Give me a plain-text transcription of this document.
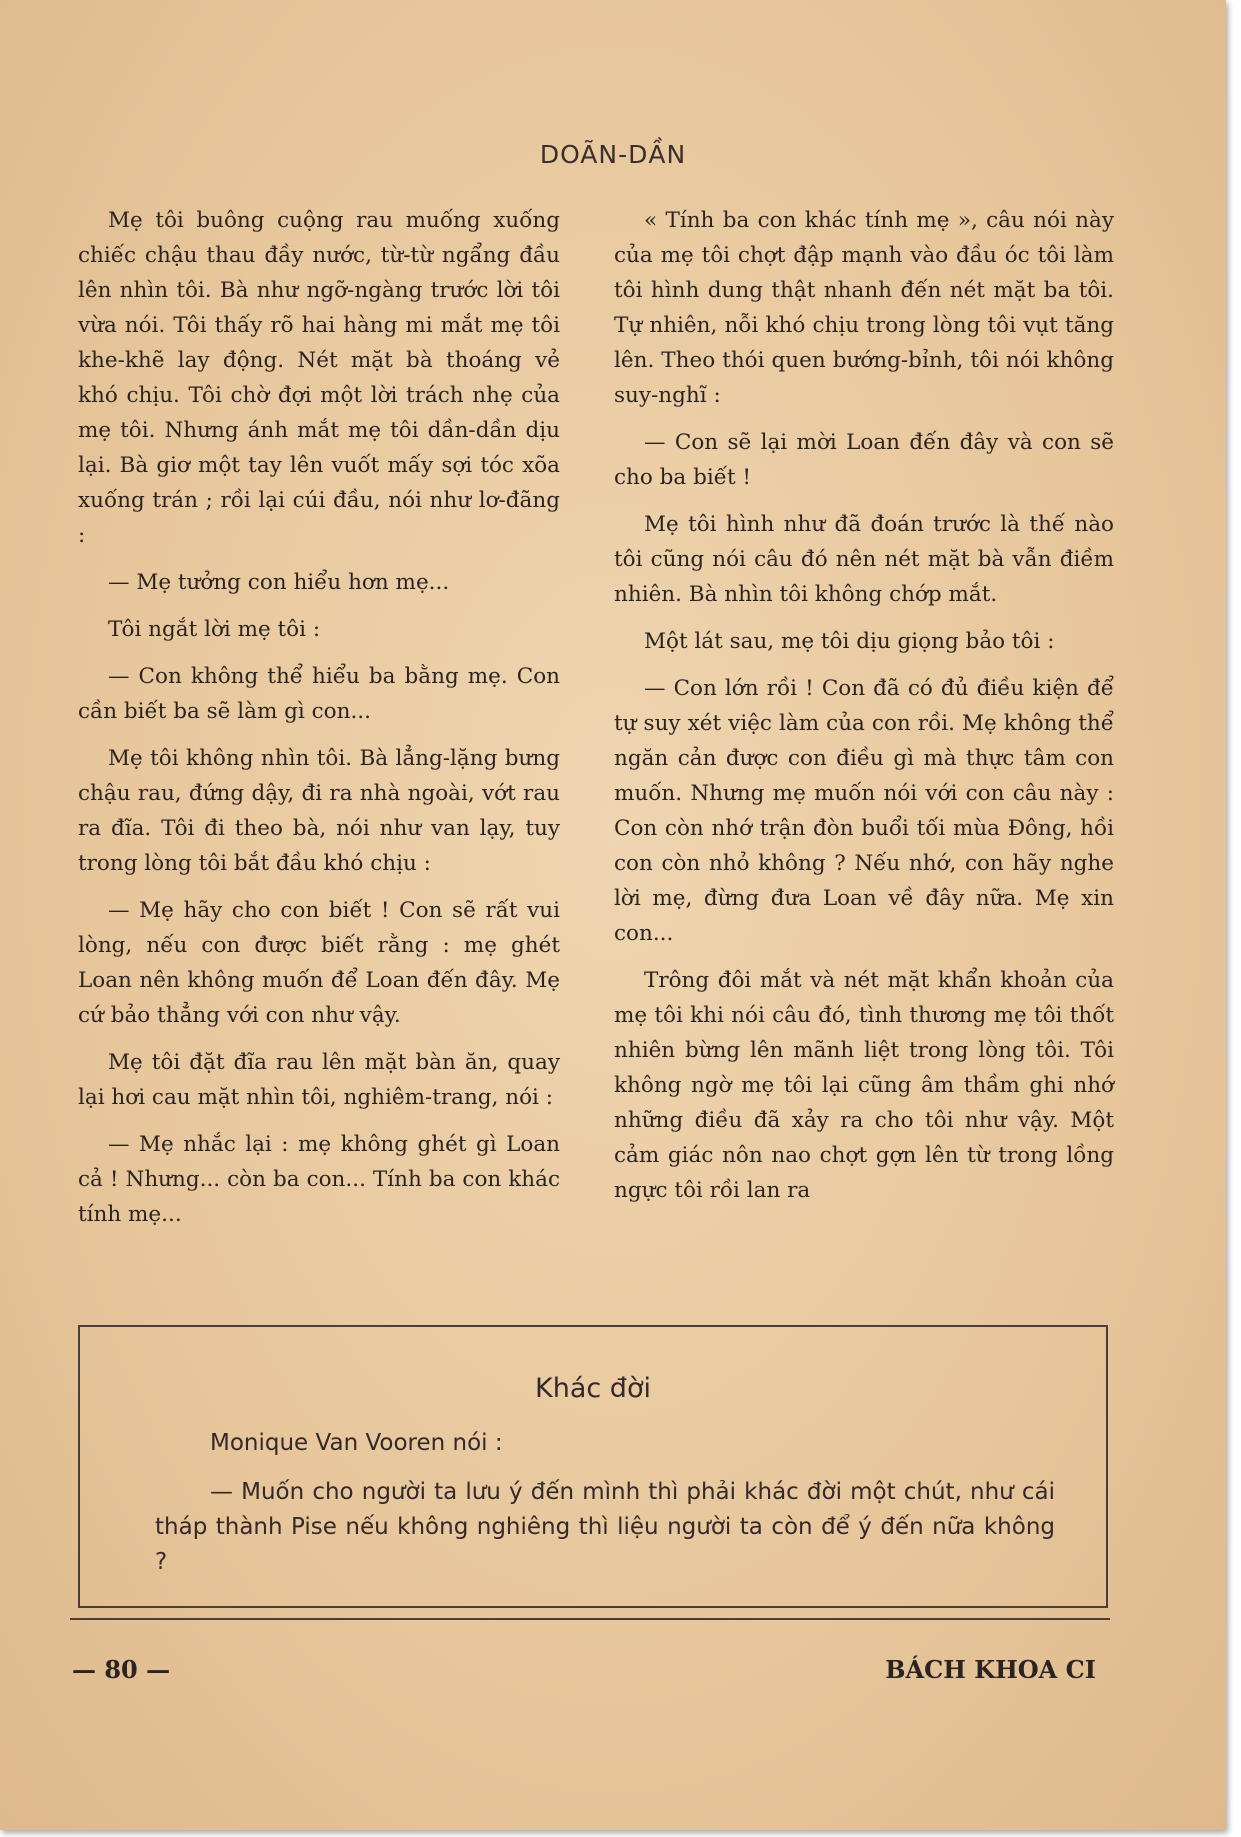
DOÃN-DẦN

Mẹ tôi buông cuộng rau muống xuống chiếc chậu thau đầy nước, từ-từ ngẩng đầu lên nhìn tôi. Bà như ngỡ-ngàng trước lời tôi vừa nói. Tôi thấy rõ hai hàng mi mắt mẹ tôi khe-khẽ lay động. Nét mặt bà thoáng vẻ khó chịu. Tôi chờ đợi một lời trách nhẹ của mẹ tôi. Nhưng ánh mắt mẹ tôi dần-dần dịu lại. Bà giơ một tay lên vuốt mấy sợi tóc xõa xuống trán ; rồi lại cúi đầu, nói như lơ-đãng :

— Mẹ tưởng con hiểu hơn mẹ...

Tôi ngắt lời mẹ tôi :

— Con không thể hiểu ba bằng mẹ. Con cần biết ba sẽ làm gì con...

Mẹ tôi không nhìn tôi. Bà lẳng-lặng bưng chậu rau, đứng dậy, đi ra nhà ngoài, vớt rau ra đĩa. Tôi đi theo bà, nói như van lạy, tuy trong lòng tôi bắt đầu khó chịu :

— Mẹ hãy cho con biết ! Con sẽ rất vui lòng, nếu con được biết rằng : mẹ ghét Loan nên không muốn để Loan đến đây. Mẹ cứ bảo thẳng với con như vậy.

Mẹ tôi đặt đĩa rau lên mặt bàn ăn, quay lại hơi cau mặt nhìn tôi, nghiêm-trang, nói :

— Mẹ nhắc lại : mẹ không ghét gì Loan cả ! Nhưng... còn ba con... Tính ba con khác tính mẹ...

« Tính ba con khác tính mẹ », câu nói này của mẹ tôi chợt đập mạnh vào đầu óc tôi làm tôi hình dung thật nhanh đến nét mặt ba tôi. Tự nhiên, nỗi khó chịu trong lòng tôi vụt tăng lên. Theo thói quen bướng-bỉnh, tôi nói không suy-nghĩ :

— Con sẽ lại mời Loan đến đây và con sẽ cho ba biết !

Mẹ tôi hình như đã đoán trước là thế nào tôi cũng nói câu đó nên nét mặt bà vẫn điềm nhiên. Bà nhìn tôi không chớp mắt.

Một lát sau, mẹ tôi dịu giọng bảo tôi :

— Con lớn rồi ! Con đã có đủ điều kiện để tự suy xét việc làm của con rồi. Mẹ không thể ngăn cản được con điều gì mà thực tâm con muốn. Nhưng mẹ muốn nói với con câu này : Con còn nhớ trận đòn buổi tối mùa Đông, hồi con còn nhỏ không ? Nếu nhớ, con hãy nghe lời mẹ, đừng đưa Loan về đây nữa. Mẹ xin con...

Trông đôi mắt và nét mặt khẩn khoản của mẹ tôi khi nói câu đó, tình thương mẹ tôi thốt nhiên bừng lên mãnh liệt trong lòng tôi. Tôi không ngờ mẹ tôi lại cũng âm thầm ghi nhớ những điều đã xảy ra cho tôi như vậy. Một cảm giác nôn nao chợt gợn lên từ trong lồng ngực tôi rồi lan ra

Khác đời
Monique Van Vooren nói :
— Muốn cho người ta lưu ý đến mình thì phải khác đời một chút, như cái tháp thành Pise nếu không nghiêng thì liệu người ta còn để ý đến nữa không ?
— 80 —	BÁCH KHOA CI
